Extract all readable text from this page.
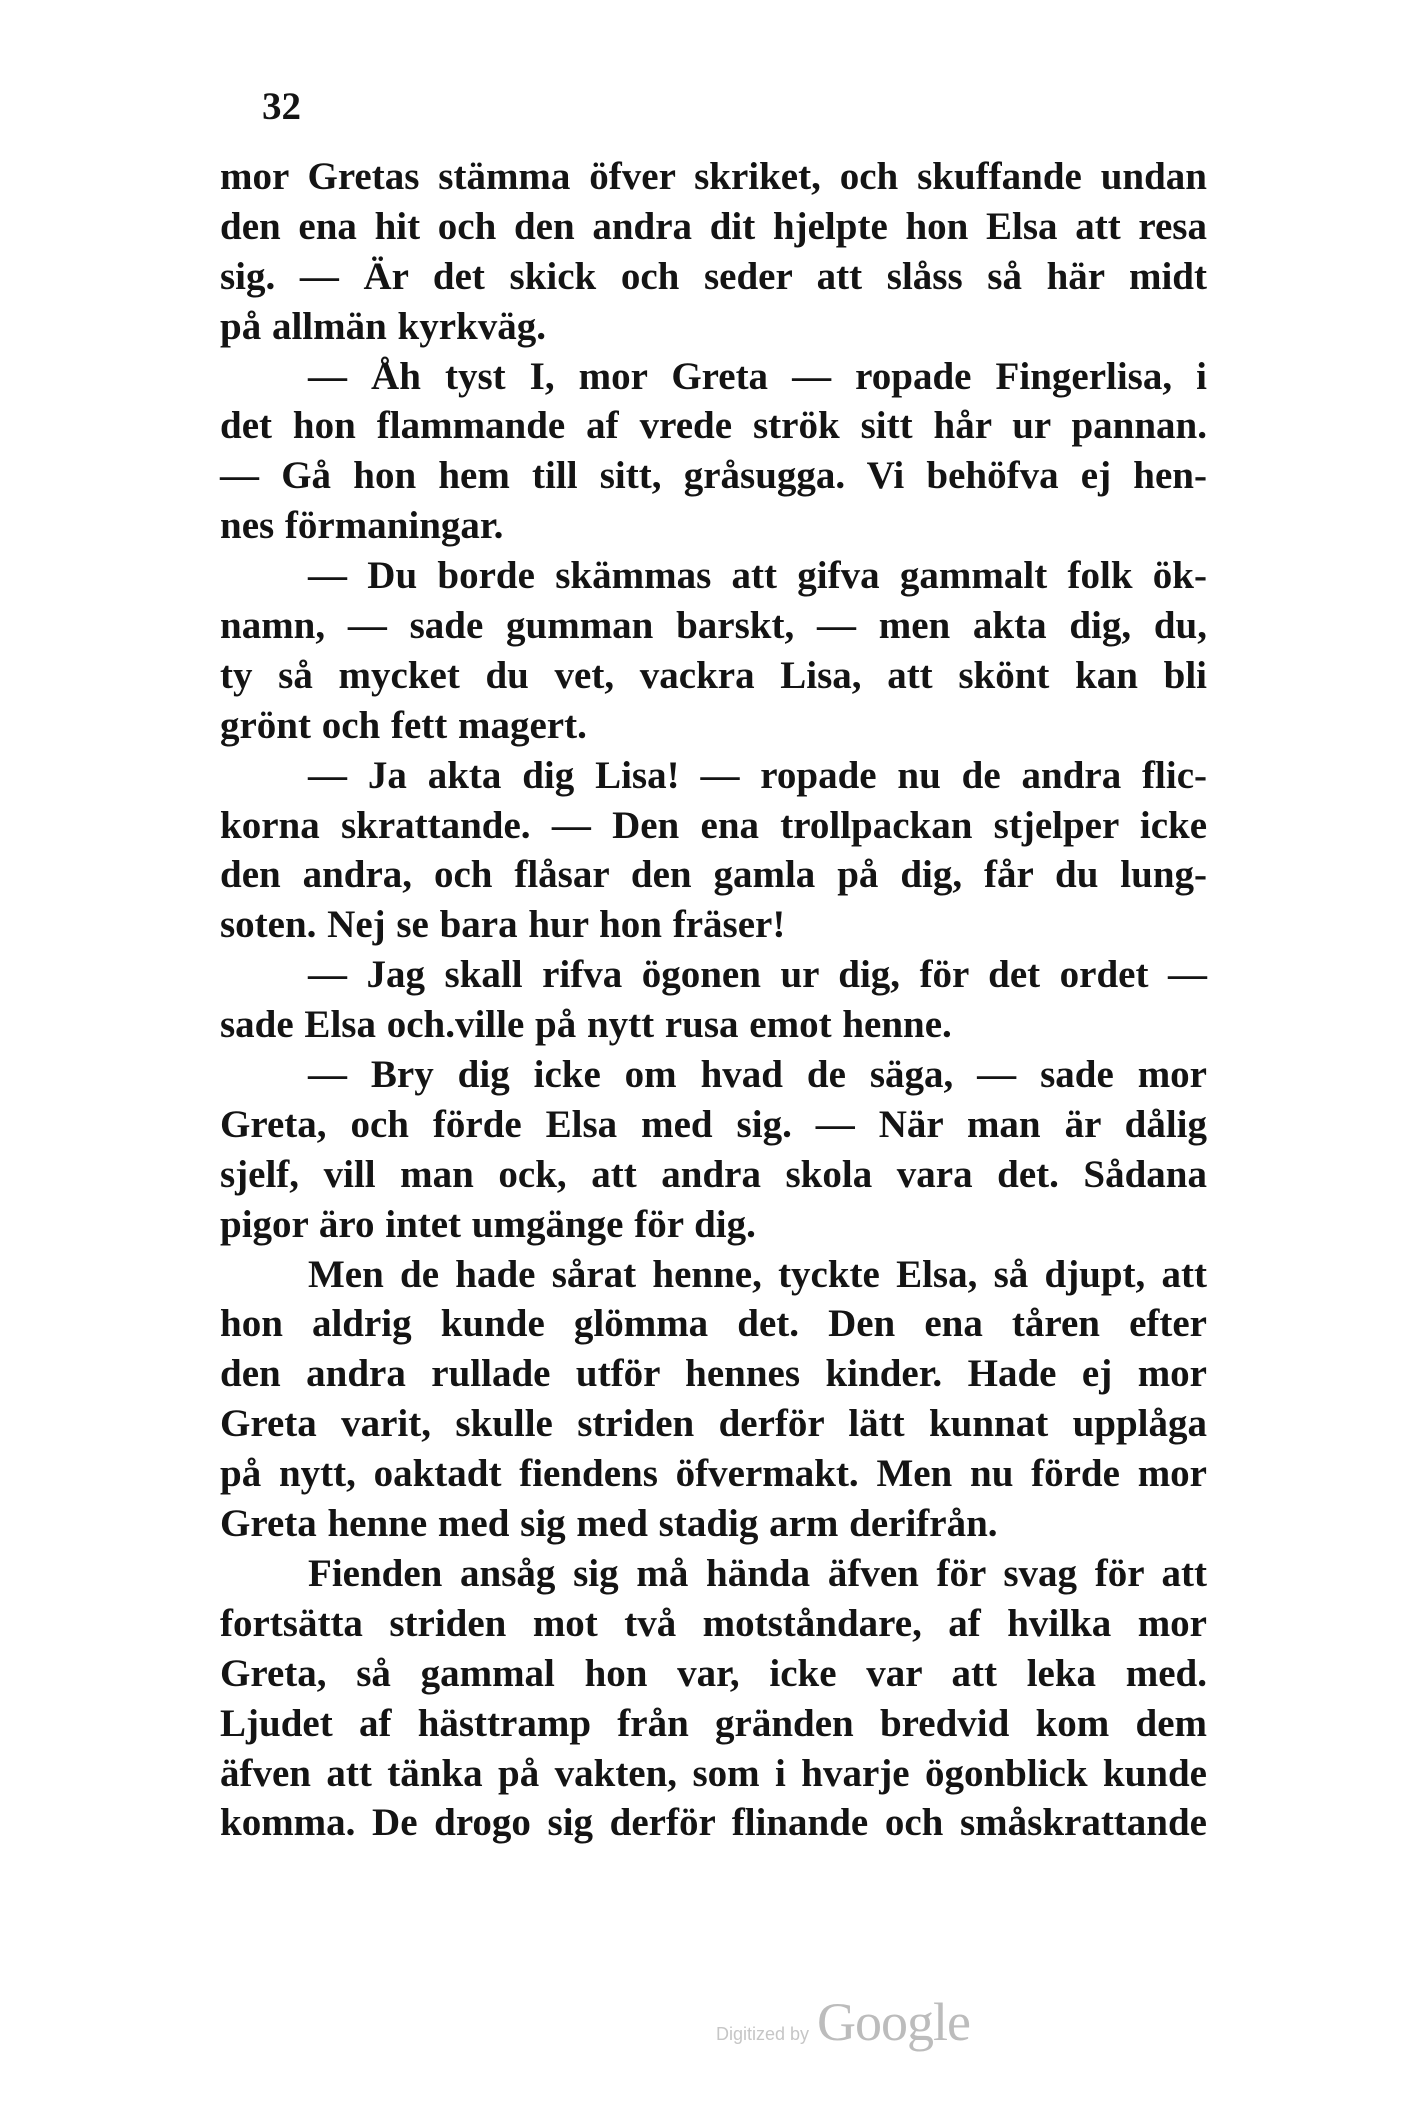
32
mor Gretas stämma öfver skriket, och skuffande undan
den ena hit och den andra dit hjelpte hon Elsa att resa
sig. — Är det skick och seder att slåss så här midt
på allmän kyrkväg.
— Åh tyst I, mor Greta — ropade Fingerlisa, i
det hon flammande af vrede strök sitt hår ur pannan.
— Gå hon hem till sitt, gråsugga. Vi behöfva ej hen-
nes förmaningar.
— Du borde skämmas att gifva gammalt folk ök-
namn, — sade gumman barskt, — men akta dig, du,
ty så mycket du vet, vackra Lisa, att skönt kan bli
grönt och fett magert.
— Ja akta dig Lisa! — ropade nu de andra flic-
korna skrattande. — Den ena trollpackan stjelper icke
den andra, och flåsar den gamla på dig, får du lung-
soten. Nej se bara hur hon fräser!
— Jag skall rifva ögonen ur dig, för det ordet —
sade Elsa och.ville på nytt rusa emot henne.
— Bry dig icke om hvad de säga, — sade mor
Greta, och förde Elsa med sig. — När man är dålig
sjelf, vill man ock, att andra skola vara det. Sådana
pigor äro intet umgänge för dig.
Men de hade sårat henne, tyckte Elsa, så djupt, att
hon aldrig kunde glömma det. Den ena tåren efter
den andra rullade utför hennes kinder. Hade ej mor
Greta varit, skulle striden derför lätt kunnat upplåga
på nytt, oaktadt fiendens öfvermakt. Men nu förde mor
Greta henne med sig med stadig arm derifrån.
Fienden ansåg sig må hända äfven för svag för att
fortsätta striden mot två motståndare, af hvilka mor
Greta, så gammal hon var, icke var att leka med.
Ljudet af hästtramp från gränden bredvid kom dem
äfven att tänka på vakten, som i hvarje ögonblick kunde
komma. De drogo sig derför flinande och småskrattande
Digitized by Google
